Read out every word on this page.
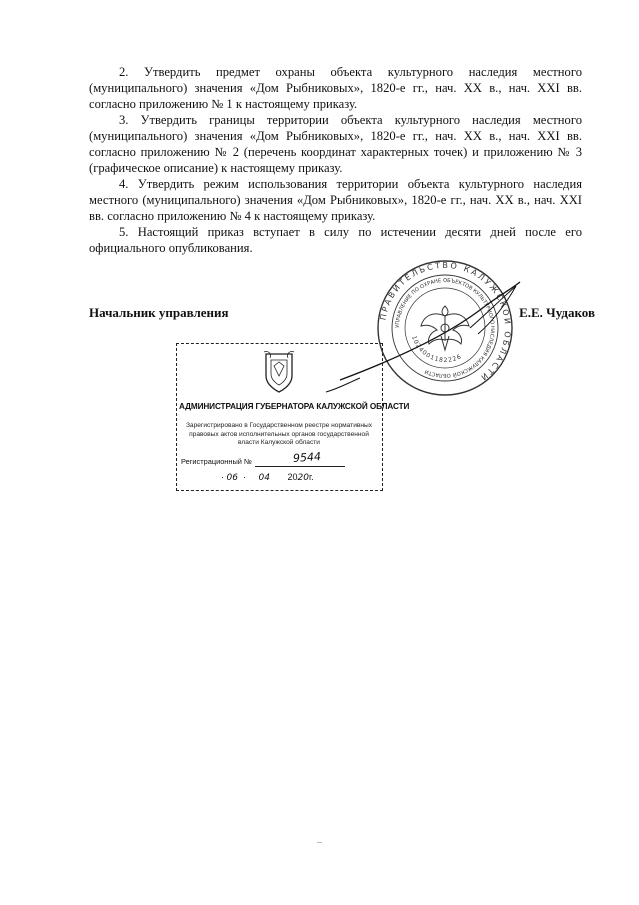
2. Утвердить предмет охраны объекта культурного наследия местного (муниципального) значения «Дом Рыбниковых», 1820-е гг., нач. XX в., нач. XXI вв. согласно приложению № 1 к настоящему приказу.

3. Утвердить границы территории объекта культурного наследия местного (муниципального) значения «Дом Рыбниковых», 1820-е гг., нач. XX в., нач. XXI вв. согласно приложению № 2 (перечень координат характерных точек) и приложению № 3 (графическое описание) к настоящему приказу.

4. Утвердить режим использования территории объекта культурного наследия местного (муниципального) значения «Дом Рыбниковых», 1820-е гг., нач. XX в., нач. XXI вв. согласно приложению № 4 к настоящему приказу.

5. Настоящий приказ вступает в силу по истечении десяти дней после его официального опубликования.

Начальник управления	Е.Е. Чудаков
ПРАВИТЕЛЬСТВО КАЛУЖСКОЙ ОБЛАСТИ
УПРАВЛЕНИЕ ПО ОХРАНЕ ОБЪЕКТОВ КУЛЬТУРНОГО НАСЛЕДИЯ КАЛУЖСКОЙ ОБЛАСТИ
1024001182226
АДМИНИСТРАЦИЯ ГУБЕРНАТОРА КАЛУЖСКОЙ ОБЛАСТИ
Зарегистрировано в Государственном реестре нормативных правовых актов исполнительных органов государственной власти Калужской области
Регистрационный №	9544
· 06  ·     04 2020г.
